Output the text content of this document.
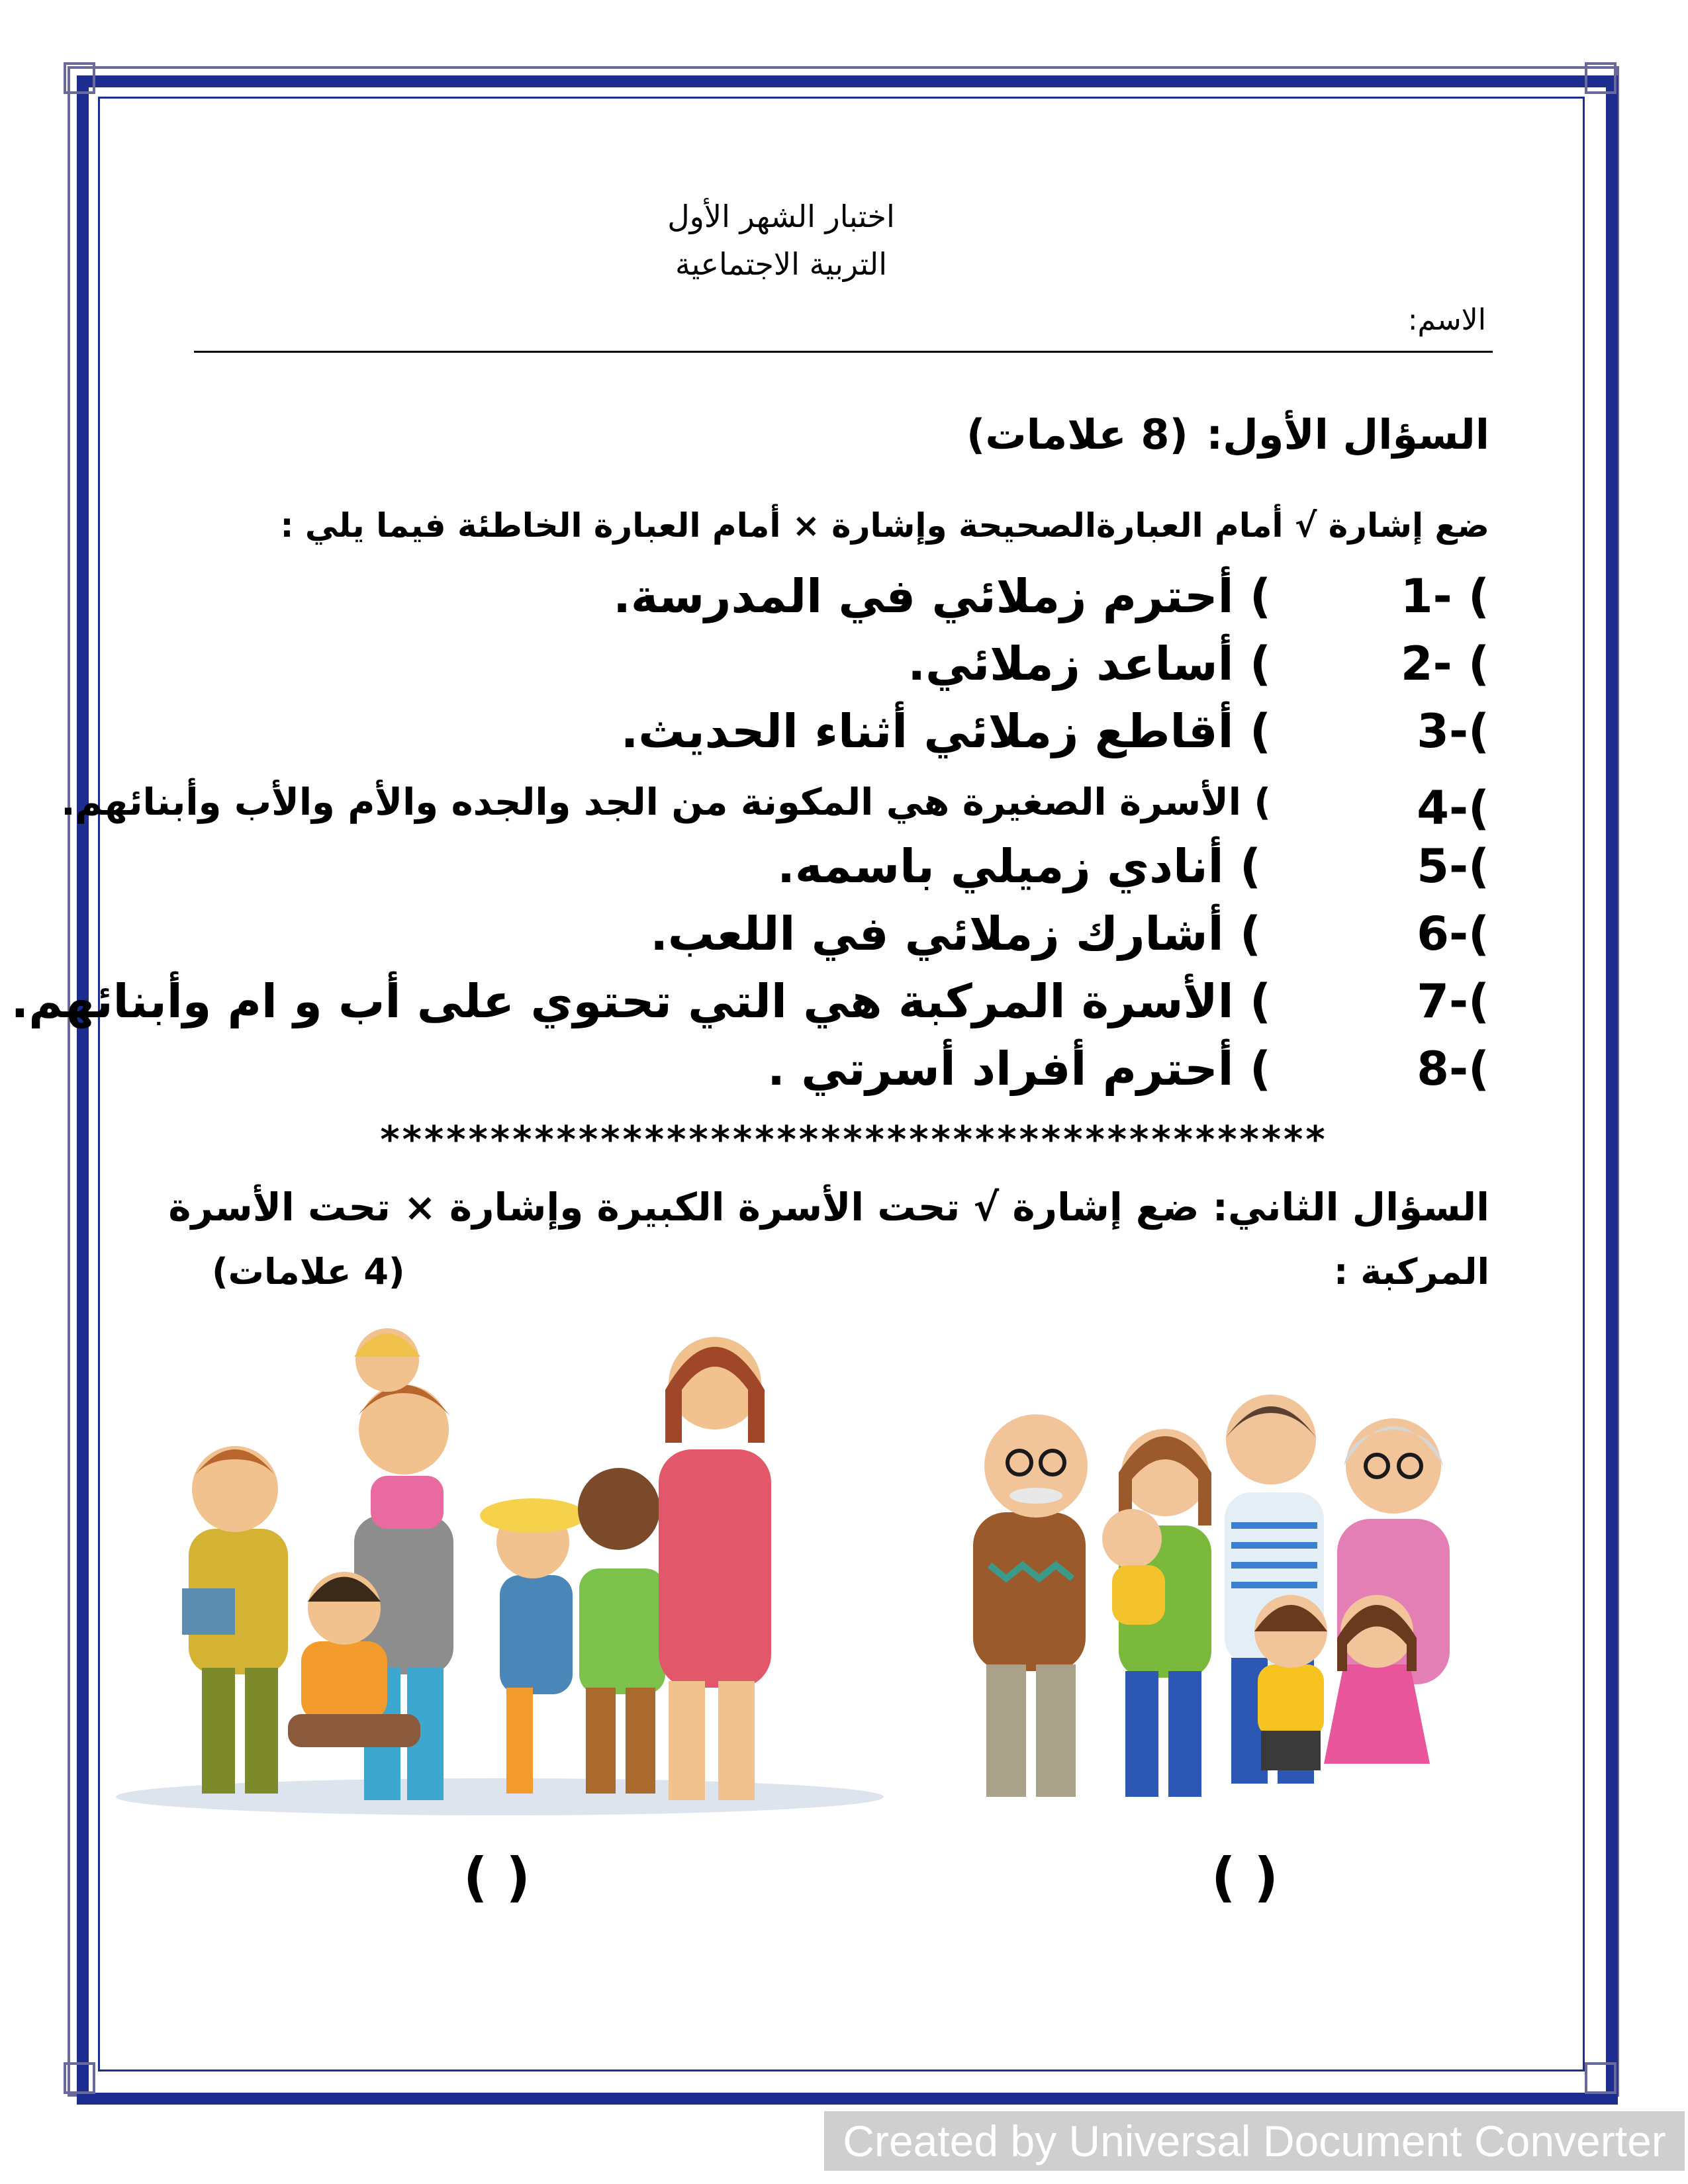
اختبار الشهر الأول
التربية الاجتماعية
الاسم:
السؤال الأول:
(8 علامات)
ضع إشارة √ أمام العبارةالصحيحة وإشارة × أمام العبارة الخاطئة فيما يلي :
1- (
) أحترم زملائي في المدرسة.
2- (
) أساعد زملائي.
3-(
) أقاطع زملائي أثناء الحديث.
4-(
) الأسرة الصغيرة هي المكونة من الجد والجده والأم والأب وأبنائهم.
5-(
) أنادي زميلي باسمه.
6-(
) أشارك زملائي في اللعب.
7-(
) الأسرة المركبة هي التي تحتوي على أب و ام وأبنائهم.
8-(
) أحترم أفراد أسرتي .
*******************************************
السؤال الثاني: ضع إشارة √ تحت الأسرة الكبيرة وإشارة × تحت الأسرة
المركبة :
(4 علامات)
( )	( )
Created by Universal Document Converter
